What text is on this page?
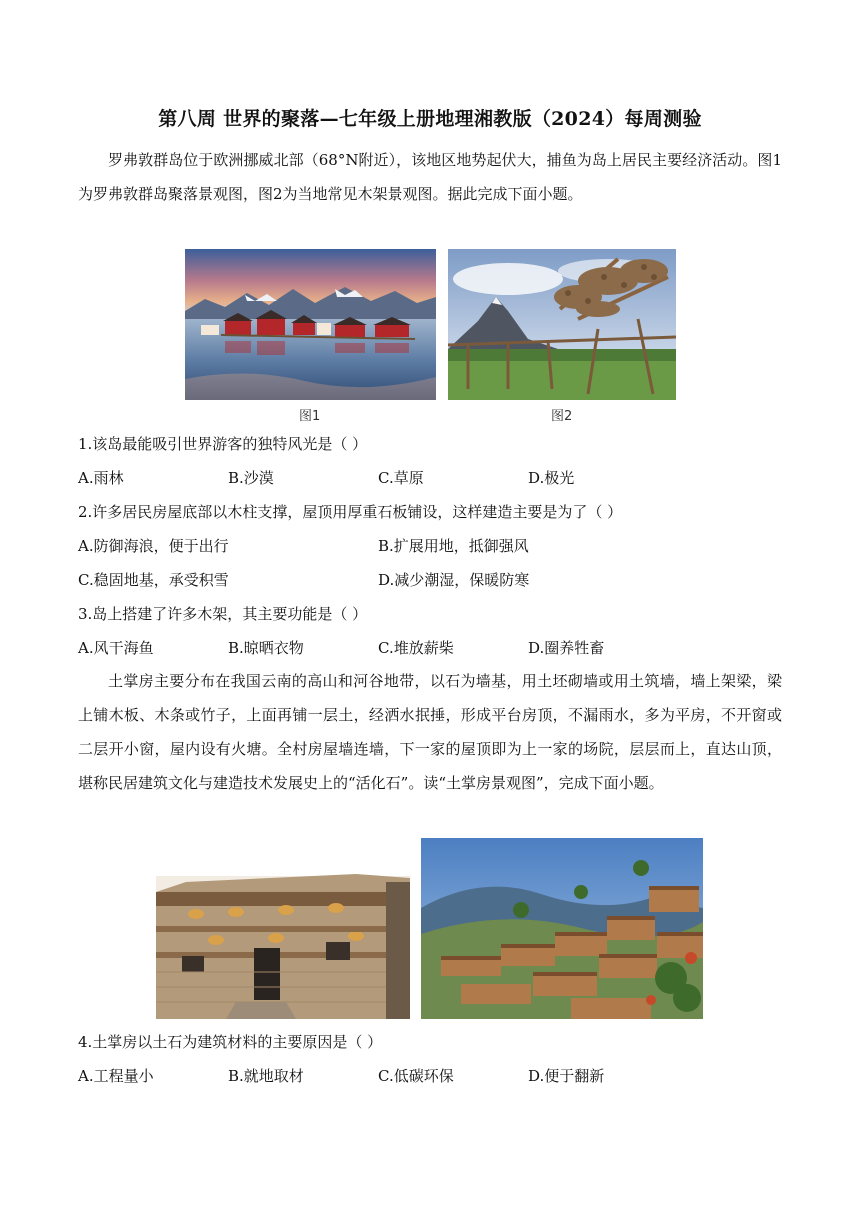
第八周 世界的聚落—七年级上册地理湘教版（2024）每周测验

罗弗敦群岛位于欧洲挪威北部（68°N附近），该地区地势起伏大，捕鱼为岛上居民主要经济活动。图1为罗弗敦群岛聚落景观图，图2为当地常见木架景观图。据此完成下面小题。

图1	图2
1.该岛最能吸引世界游客的独特风光是（ ）
A.雨林	B.沙漠	C.草原	D.极光
2.许多居民房屋底部以木柱支撑，屋顶用厚重石板铺设，这样建造主要是为了（ ）
A.防御海浪，便于出行	B.扩展用地，抵御强风
C.稳固地基，承受积雪	D.减少潮湿，保暖防寒
3.岛上搭建了许多木架，其主要功能是（ ）
A.风干海鱼	B.晾晒衣物	C.堆放薪柴	D.圈养牲畜

土掌房主要分布在我国云南的高山和河谷地带，以石为墙基，用土坯砌墙或用土筑墙，墙上架梁，梁上铺木板、木条或竹子，上面再铺一层土，经洒水抿捶，形成平台房顶，不漏雨水，多为平房，不开窗或二层开小窗，屋内设有火塘。全村房屋墙连墙，下一家的屋顶即为上一家的场院，层层而上，直达山顶，堪称民居建筑文化与建造技术发展史上的“活化石”。读“土掌房景观图”，完成下面小题。

4.土掌房以土石为建筑材料的主要原因是（ ）
A.工程量小	B.就地取材	C.低碳环保	D.便于翻新
